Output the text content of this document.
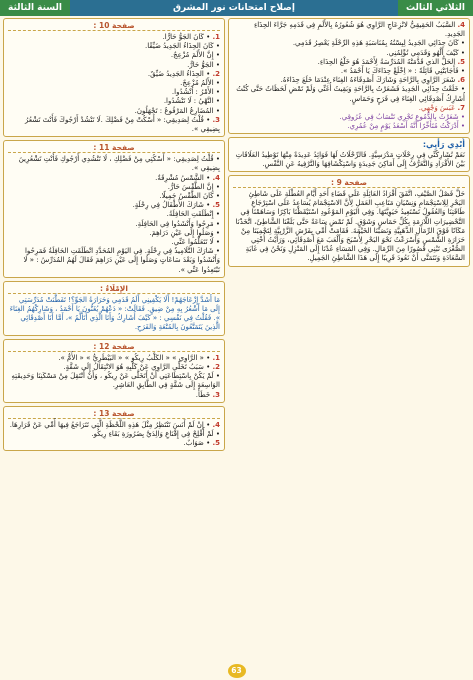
الثلاثي الثالث
إصلاح امتحانات نور المشرق
السنة الثالثة

4. السَّبَبُ الحَقِيقِيُّ لانْزِعَاجِ الرَّاوِي هُوَ شُعُورُهُ بِالأَلَمِ فِي قَدَمِهِ جَرَّاءَ الحِذَاءِ الجَدِيدِ.

• كَانَ حِذَائِي الجَدِيدُ لِبِسْتُهُ بِمُنَاسَبَةِ هَذِهِ الرِّحْلَةِ يَعْصِرُ قَدَمِي.

• كَيْفَ أَلْهُو وَقَدَمِي تُؤْلِمُنِي.

5. الحَلُّ الذي قَدَّمَتْهُ المُدَرِّسَةُ لِأَحْمَدَ هُوَ خَلْعُ الحِذَاءِ.

• فَأَجَابَتْنِي قَائِلَةً : « اِخْلَعْ حِذَاءَكَ يَا أَحْمَدُ ».

6. شَعَرَ الرَّاوِي بِالرَّاحَةِ وَشَارَكَ أَصْدِقَاءَهُ الغِنَاءَ عِنْدَمَا خَلَعَ حِذَاءَهُ.

• خَلَعْتُ حِذَائِي الجَدِيدَ فَشَعَرْتُ بِالرَّاحَةِ وَبَقِيتُ أُغَنِّي وَلَمْ تَمْضِ لَحَظَاتٌ حَتَّى كُنْتُ أُشَارِكُ أَصْدِقَائِي الغِنَاءَ فِي فَرَحٍ وَحَمَاسٍ.

7. عَبَسَ وَجْهِي.

• شَعَرْتُ بِالدُّمُوعِ تَجْرِي تَنْسَابُ فِي عُرُوقِي.

• أَدْرَكْتُ مُتَأَخِّرًا أَنَّهُ أَسْعَدُ يَوْمٍ مِنْ عُمُرِي.

أُبْدِي رَأْيِي:

نَعَمْ تُشَارِكُنِّي فِي رِحْلَاتٍ مَدْرَسِيَّةٍ. فَالرِّحْلَاتُ لَهَا فَوَائِدُ عَدِيدَةٌ مِنْهَا تَوْطِيدُ العَلَاقَاتِ بَيْنَ الأَفْرَادِ وَالتَّعَرُّفُ إِلَى أَمَاكِنَ جَدِيدَةٍ وَاسْتِكْشَافِهَا وَالتَّرْفِيهُ عَنِ النَّفْسِ.

صفحة 9 :

حَلَّ فَصْلُ الصَّيْفِ، اتَّفَقَ أَفْرَادُ العَائِلَةِ عَلَى قَضَاءِ أَحَدِ أَيَّامِ العُطْلَةِ عَلَى شَاطِئِ البَحْرِ لِلِاسْتِجْمَامِ وَنِسْيَانِ مَتَاعِبِ العَمَلِ لِأَنَّ الاسْتِجْمَامَ يُسَاعِدُ عَلَى اسْتِرْجَاعِ طَاقَتِنَا وَالعُقُولُ تَسْتَعِيدُ حَيَوِيَّتَهَا. وَفِي اليَوْمِ المَوْعُودِ اسْتَيْقَظْنَا بَاكِرًا وَسَاهَمْنَا فِي التَّحْضِيرَاتِ اللَّازِمَةِ بِكُلِّ حَمَاسٍ وَشَوْقٍ. لَمْ تَمْضِ سَاعَةٌ حَتَّى بَلَغْنَا الشَّاطِئَ، اتَّخَذْنَا مَكَانًا فَوْقَ الرِّمَالِ الذَّهَبِيَّةِ وَنَصَبْنَا الخَيْمَةَ. فَقَامَتْ أُمِّي بِفَرْشِ الزَّرْبِيَّةِ لِتَحْمِيَنَا مِنْ حَرَارَةِ الشَّمْسِ وَأَسْرَعْتُ نَحْوَ البَحْرِ لِأُسْبَحَ وَأَلْعَبَ مَعَ أَصْدِقَائِي، وَرَأَيْتُ أُخْتِي الصُّغْرَى تَبْنِي قُصُورًا مِنَ الرِّمَالِ. وَفِي المَسَاءِ عُدْنَا إِلَى المَنْزِلِ وَنَحْنُ فِي غَايَةِ السَّعَادَةِ وَنَتَمَنَّى أَنْ نَعُودَ قَرِيبًا إِلَى هَذَا الشَّاطِئِ الجَمِيلِ.

صفحة 10 :

1. • كَانَ الجَوُّ حَارًّا.

• كَانَ الحِذَاءُ الجَدِيدُ ضَيِّقًا.

• إِنَّ الأَلَمَ مُزْعِجٌ.

• الجَوُّ حَارٌّ.

2. • الحِذَاءُ الجَدِيدُ ضَيِّقٌ.

• الأَلَمُ مُزْعِجٌ.

• الأَمْرُ : اُنْشُدُوا.

• النَّهْيُ : لَا تَنْشُدُوا.

• المُضَارِعُ المَرْفُوعُ : تَجْهَلُونَ.

3. • قُلْتُ لِصَدِيقِي: « أَسْكُتْ مِنْ فَضْلِكَ .لَا تَنْشُدْ أَرْجُوكَ فَأَنْتَ تَشْعُرُ بِضِيقِي ».

صفحة 11 :

• قُلْتُ لِصَدِيقِي: « أَسْكُتِي مِنْ فَضْلِكِ ، لَا تَنْشُدِي أَرْجُوكِ فَأَنْتِ تَشْعُرِينَ بِضِيقِي ».

4. • الشَّمْسُ مُشْرِقَةٌ.

• إِنَّ الطَّقْسَ حَارٌّ.

• كَانَ الطَّقْسُ جَمِيلًا.

5. • شَارَكَ الأَطْفَالُ فِي رِحْلَةٍ.

• إِنْطَلَقَتِ الحَافِلَةُ.

• مَرِحُوا وَأَنْشَدُوا فِي الحَافِلَةِ.

• وَصَلُوا إِلَى عَيْنِ دَرَاهِمَ.

• لَا تَتَعَلَّمُوا عَنِّي.

• شَارَكَ التَّلَامِيذُ فِي رِحْلَةٍ. فِي اليَوْمِ المُحَدَّدِ انْطَلَقَتِ الحَافِلَةُ فَمَرِحُوا وَأَنْشَدُوا وَبَعْدَ سَاعَاتٍ وَصَلُوا إِلَى عَيْنِ دَرَاهِمَ فَقَالَ لَهُمُ المُدَرِّسُ : « لَا تَبْتَعِدُوا عَنِّي ».

الإِمْلَاءُ :

مَا أَشَدَّ إِزْعَاجَهُمْ! أَلَا يَكْفِينِي أَلَمُ قَدَمِي وَحَرَارَةُ الجَوِّ؟! تَفَطَّنَتْ مُدَرِّسَتِي إِلَى مَا أَشْعُرُ بِهِ مِنْ ضِيقٍ. فَقَالَتْ: « دَعْهُمْ يُغَنُّونَ يَا أَحْمَدُ ، وَشَارِكْهُمُ الغِنَاءَ ». فَقُلْتُ فِي نَفْسِي : « كَيْفَ أُشَارِكُ وَأَنَا الَّذِي أَتَأَلَّمُ »، أَمَّا أَنَا أَصْدِقَائِي الَّذِينَ يَتَمَتَّعُونَ بِالمُتْعَةِ وَالفَرَحِ.

صفحة 12 :

1. • « الرَّاوِي » « الكَلْبُ رِيكُو » « البَيْطَرِيُّ » « الأُمُّ ».

2. • سَبَبُ تَخَلِّي الرَّاوِي عَنْ كَلْبِهِ هُوَ الانْتِقَالُ إِلَى شَقَّةٍ.

• لَمْ يَكُنْ بِاسْتِطَاعَتِي أَنْ أَتَخَلَّى عَنْ رِيكُو ، وَأَنْ أَنْتَقِلَ مِنْ مَسْكَنِنَا وَحَدِيقَتِهِ الوَاسِعَةِ إِلَى شَقَّةٍ فِي الطَّابِقِ العَاشِرِ.

3. خَطَأٌ.

صفحة 13 :

4. • إِنْ لَمْ أَنَسَ تَنْتَظِرُ مِثْلَ هَذِهِ اللَّحْظَةِ الَّتِي تَتَرَاجَعُ فِيهَا أُمِّي عَنْ قَرَارِهَا.

• لَمْ أُفْلِحْ فِي إِقْنَاعِ وَالِدَيَّ بِضَرُورَةِ بَقَاءِ رِيكُو.

5. • صَوَابٌ.

63
